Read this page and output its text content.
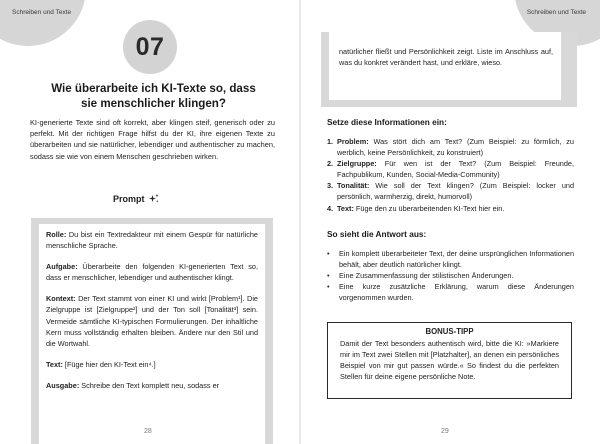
Schreiben und Texte
07
Wie überarbeite ich KI-Texte so, dass sie menschlicher klingen?
KI-generierte Texte sind oft korrekt, aber klingen steif, generisch oder zu perfekt. Mit der richtigen Frage hilfst du der KI, ihre eigenen Texte zu überarbeiten und sie natürlicher, lebendiger und authentischer zu machen, sodass sie wie von einem Menschen geschrieben wirken.
Prompt

Rolle: Du bist ein Textredakteur mit einem Gespür für natürliche menschliche Sprache.

Aufgabe: Überarbeite den folgenden KI-generierten Text so, dass er menschlicher, lebendiger und authentischer klingt.

Kontext: Der Text stammt von einer KI und wirkt [Problem¹]. Die Zielgruppe ist [Zielgruppe²] und der Ton soll [Tonalität³] sein. Vermeide sämtliche KI-typischen Formulierungen. Der inhaltliche Kern muss vollständig erhalten bleiben. Ändere nur den Stil und die Wortwahl.

Text: [Füge hier den KI-Text ein⁴.]

Ausgabe: Schreibe den Text komplett neu, sodass er

28
Schreiben und Texte
natürlicher fließt und Persönlichkeit zeigt. Liste im Anschluss auf, was du konkret verändert hast, und erkläre, wieso.
Setze diese Informationen ein:
1. Problem: Was stört dich am Text? (Zum Beispiel: zu förmlich, zu werblich, keine Persönlichkeit, zu konstruiert)
2. Zielgruppe: Für wen ist der Text? (Zum Beispiel: Freunde, Fachpublikum, Kunden, Social-Media-Community)
3. Tonalität: Wie soll der Text klingen? (Zum Beispiel: locker und persönlich, warmherzig, direkt, humorvoll)
4. Text: Füge den zu überarbeitenden KI-Text hier ein.
So sieht die Antwort aus:
•	Ein komplett überarbeiteter Text, der deine ursprünglichen Informationen behält, aber deutlich natürlicher klingt.
•	Eine Zusammenfassung der stilistischen Änderungen.
•	Eine kurze zusätzliche Erklärung, warum diese Änderungen vorgenommen wurden.
BONUS-TIPP
Damit der Text besonders authentisch wird, bitte die KI: »Markiere mir im Text zwei Stellen mit [Platzhalter], an denen ein persönliches Beispiel von mir gut passen würde.« So findest du die perfekten Stellen für deine eigene persönliche Note.
29
